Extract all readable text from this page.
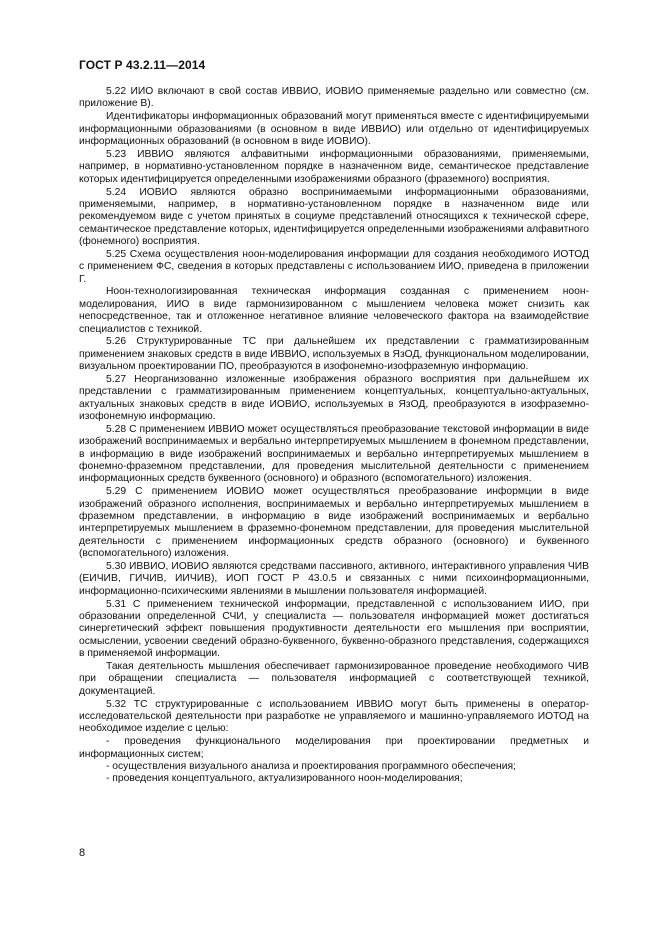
ГОСТ Р 43.2.11—2014

5.22 ИИО включают в свой состав ИВВИО, ИОВИО применяемые раздельно или совместно (см. приложение В).

Идентификаторы информационных образований могут применяться вместе с идентифицируемыми информационными образованиями (в основном в виде ИВВИО) или отдельно от идентифицируемых информационных образований (в основном в виде ИОВИО).

5.23 ИВВИО являются алфавитными информационными образованиями, применяемыми, например, в нормативно-установленном порядке в назначенном виде, семантическое представление которых идентифицируется определенными изображениями образного (фраземного) восприятия.

5.24 ИОВИО являются образно воспринимаемыми информационными образованиями, применяемыми, например, в нормативно-установленном порядке в назначенном виде или рекомендуемом виде с учетом принятых в социуме представлений относящихся к технической сфере, семантическое представление которых, идентифицируется определенными изображениями алфавитного (фонемного) восприятия.

5.25 Схема осуществления ноон-моделирования информации для создания необходимого ИОТОД с применением ФС, сведения в которых представлены с использованием ИИО, приведена в приложении Г.

Ноон-технологизированная техническая информация созданная с применением ноон-моделирования, ИИО в виде гармонизированном с мышлением человека может снизить как непосредственное, так и отложенное негативное влияние человеческого фактора на взаимодействие специалистов с техникой.

5.26 Структурированные ТС при дальнейшем их представлении с грамматизированным применением знаковых средств в виде ИВВИО, используемых в ЯзОД, функциональном моделировании, визуальном проектировании ПО, преобразуются в изофонемно-изофраземную информацию.

5.27 Неорганизованно изложенные изображения образного восприятия при дальнейшем их представлении с грамматизированным применением концептуальных, концептуально-актуальных, актуальных знаковых средств в виде ИОВИО, используемых в ЯзОД, преобразуются в изофраземно-изофонемную информацию.

5.28 С применением ИВВИО может осуществляться преобразование текстовой информации в виде изображений воспринимаемых и вербально интерпретируемых мышлением в фонемном представлении, в информацию в виде изображений воспринимаемых и вербально интерпретируемых мышлением в фонемно-фраземном представлении, для проведения мыслительной деятельности с применением информационных средств буквенного (основного) и образного (вспомогательного) изложения.

5.29 С применением ИОВИО может осуществляться преобразование информции в виде изображений образного исполнения, воспринимаемых и вербально интерпретируемых мышлением в фраземном представлении, в информацию в виде изображений воспринимаемых и вербально интерпретируемых мышлением в фраземно-фонемном представлении, для проведения мыслительной деятельности с применением информационных средств образного (основного) и буквенного (вспомогательного) изложения.

5.30 ИВВИО, ИОВИО являются средствами пассивного, активного, интерактивного управления ЧИВ (ЕИЧИВ, ГИЧИВ, ИИЧИВ), ИОП ГОСТ Р 43.0.5 и связанных с ними психоинформационными, информационно-психическими явлениями в мышлении пользователя информацией.

5.31 С применением технической информации, представленной с использованием ИИО, при образовании определенной СЧИ, у специалиста — пользователя информацией может достигаться синергетический эффект повышения продуктивности деятельности его мышления при восприятии, осмыслении, усвоении сведений образно-буквенного, буквенно-образного представления, содержащихся в применяемой информации.

Такая деятельность мышления обеспечивает гармонизированное проведение необходимого ЧИВ при обращении специалиста — пользователя информацией с соответствующей техникой, документацией.

5.32 ТС структурированные с использованием ИВВИО могут быть применены в оператор-исследовательской деятельности при разработке не управляемого и машинно-управляемого ИОТОД на необходимое изделие с целью:

- проведения функционального моделирования при проектировании предметных и информационных систем;
- осуществления визуального анализа и проектирования программного обеспечения;
- проведения концептуального, актуализированного ноон-моделирования;
8
